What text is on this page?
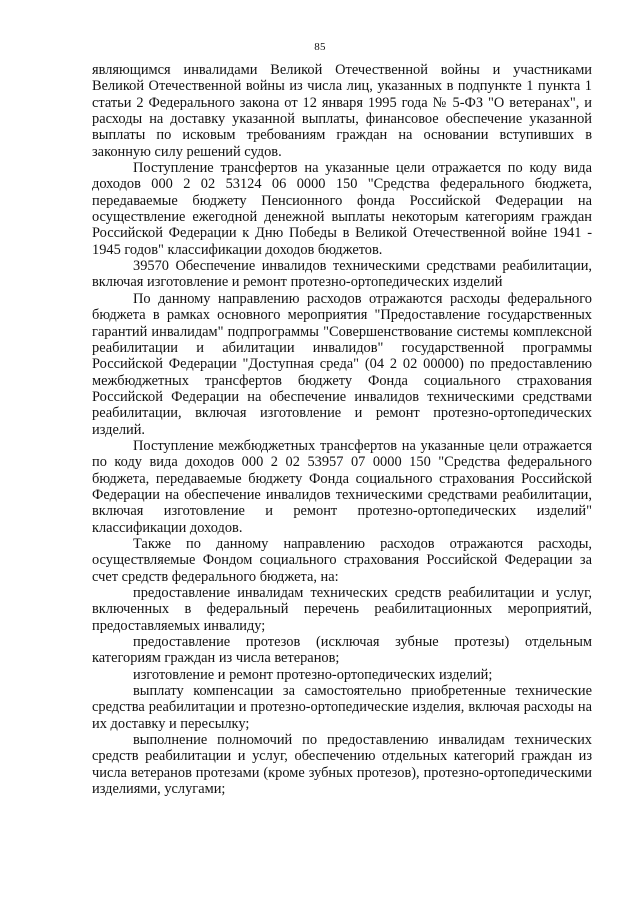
85

являющимся инвалидами Великой Отечественной войны и участниками Великой Отечественной войны из числа лиц, указанных в подпункте 1 пункта 1 статьи 2 Федерального закона от 12 января 1995 года № 5-ФЗ "О ветеранах", и расходы на доставку указанной выплаты, финансовое обеспечение указанной выплаты по исковым требованиям граждан на основании вступивших в законную силу решений судов.

Поступление трансфертов на указанные цели отражается по коду вида доходов 000 2 02 53124 06 0000 150 "Средства федерального бюджета, передаваемые бюджету Пенсионного фонда Российской Федерации на осуществление ежегодной денежной выплаты некоторым категориям граждан Российской Федерации к Дню Победы в Великой Отечественной войне 1941 - 1945 годов" классификации доходов бюджетов.

39570 Обеспечение инвалидов техническими средствами реабилитации, включая изготовление и ремонт протезно-ортопедических изделий

По данному направлению расходов отражаются расходы федерального бюджета в рамках основного мероприятия "Предоставление государственных гарантий инвалидам" подпрограммы "Совершенствование системы комплексной реабилитации и абилитации инвалидов" государственной программы Российской Федерации "Доступная среда" (04 2 02 00000) по предоставлению межбюджетных трансфертов бюджету Фонда социального страхования Российской Федерации на обеспечение инвалидов техническими средствами реабилитации, включая изготовление и ремонт протезно-ортопедических изделий.

Поступление межбюджетных трансфертов на указанные цели отражается по коду вида доходов 000 2 02 53957 07 0000 150 "Средства федерального бюджета, передаваемые бюджету Фонда социального страхования Российской Федерации на обеспечение инвалидов техническими средствами реабилитации, включая изготовление и ремонт протезно-ортопедических изделий" классификации доходов.

Также по данному направлению расходов отражаются расходы, осуществляемые Фондом социального страхования Российской Федерации за счет средств федерального бюджета, на:

предоставление инвалидам технических средств реабилитации и услуг, включенных в федеральный перечень реабилитационных мероприятий, предоставляемых инвалиду;

предоставление протезов (исключая зубные протезы) отдельным категориям граждан из числа ветеранов;

изготовление и ремонт протезно-ортопедических изделий;

выплату компенсации за самостоятельно приобретенные технические средства реабилитации и протезно-ортопедические изделия, включая расходы на их доставку и пересылку;

выполнение полномочий по предоставлению инвалидам технических средств реабилитации и услуг, обеспечению отдельных категорий граждан из числа ветеранов протезами (кроме зубных протезов), протезно-ортопедическими изделиями, услугами;
